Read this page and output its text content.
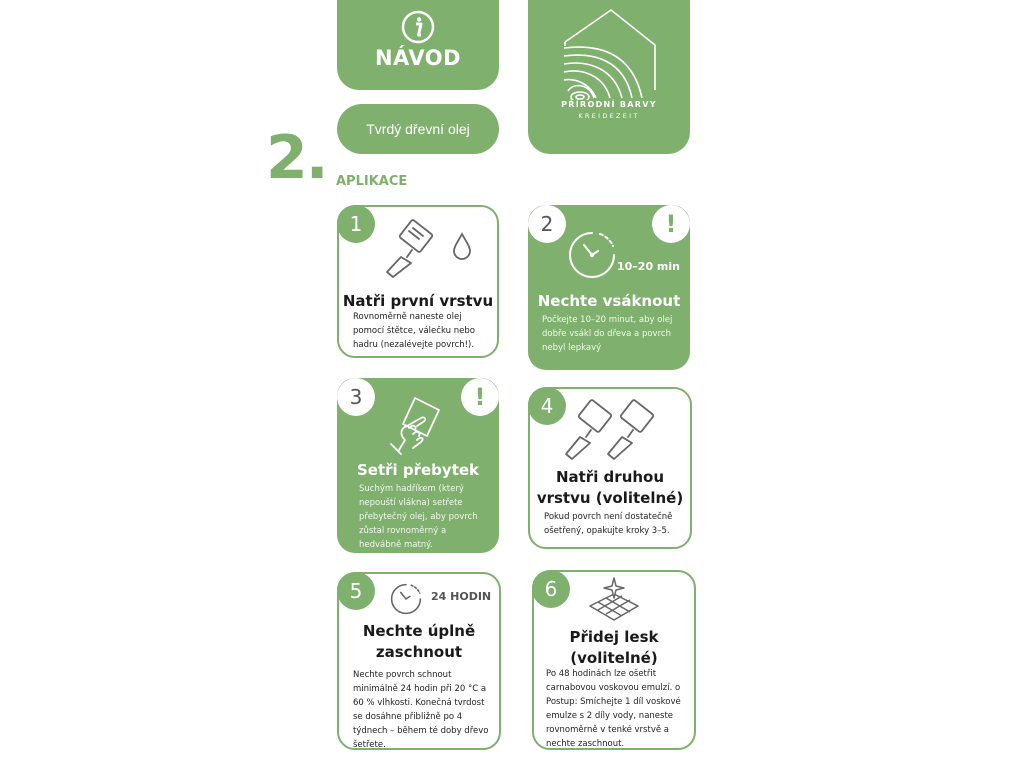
NÁVOD
Tvrdý dřevní olej
PŘÍRODNÍ BARVY
KREIDEZEIT
2. APLIKACE
1
Natři první vrstvu
Rovnoměrně naneste olej pomocí štětce, válečku nebo hadru (nezalévejte povrch!).
2	!
10–20 min
Nechte vsáknout
Počkejte 10–20 minut, aby olej dobře vsákl do dřeva a povrch nebyl lepkavý
3	!
Setři přebytek
Suchým hadříkem (který nepouští vlákna) setřete přebytečný olej, aby povrch zůstal rovnoměrný a hedvábně matný.
4
Natři druhou vrstvu (volitelné)
Pokud povrch není dostatečně ošetřený, opakujte kroky 3–5.
5	24 HODIN
Nechte úplně zaschnout
Nechte povrch schnout minimálně 24 hodin při 20 °C a 60 % vlhkosti. Konečná tvrdost se dosáhne přibližně po 4 týdnech – během té doby dřevo šetřete.
6
Přidej lesk (volitelné)
Po 48 hodinách lze ošetřit carnabovou voskovou emulzí. o Postup: Smíchejte 1 díl voskové emulze s 2 díly vody, naneste rovnoměrně v tenké vrstvě a nechte zaschnout.
